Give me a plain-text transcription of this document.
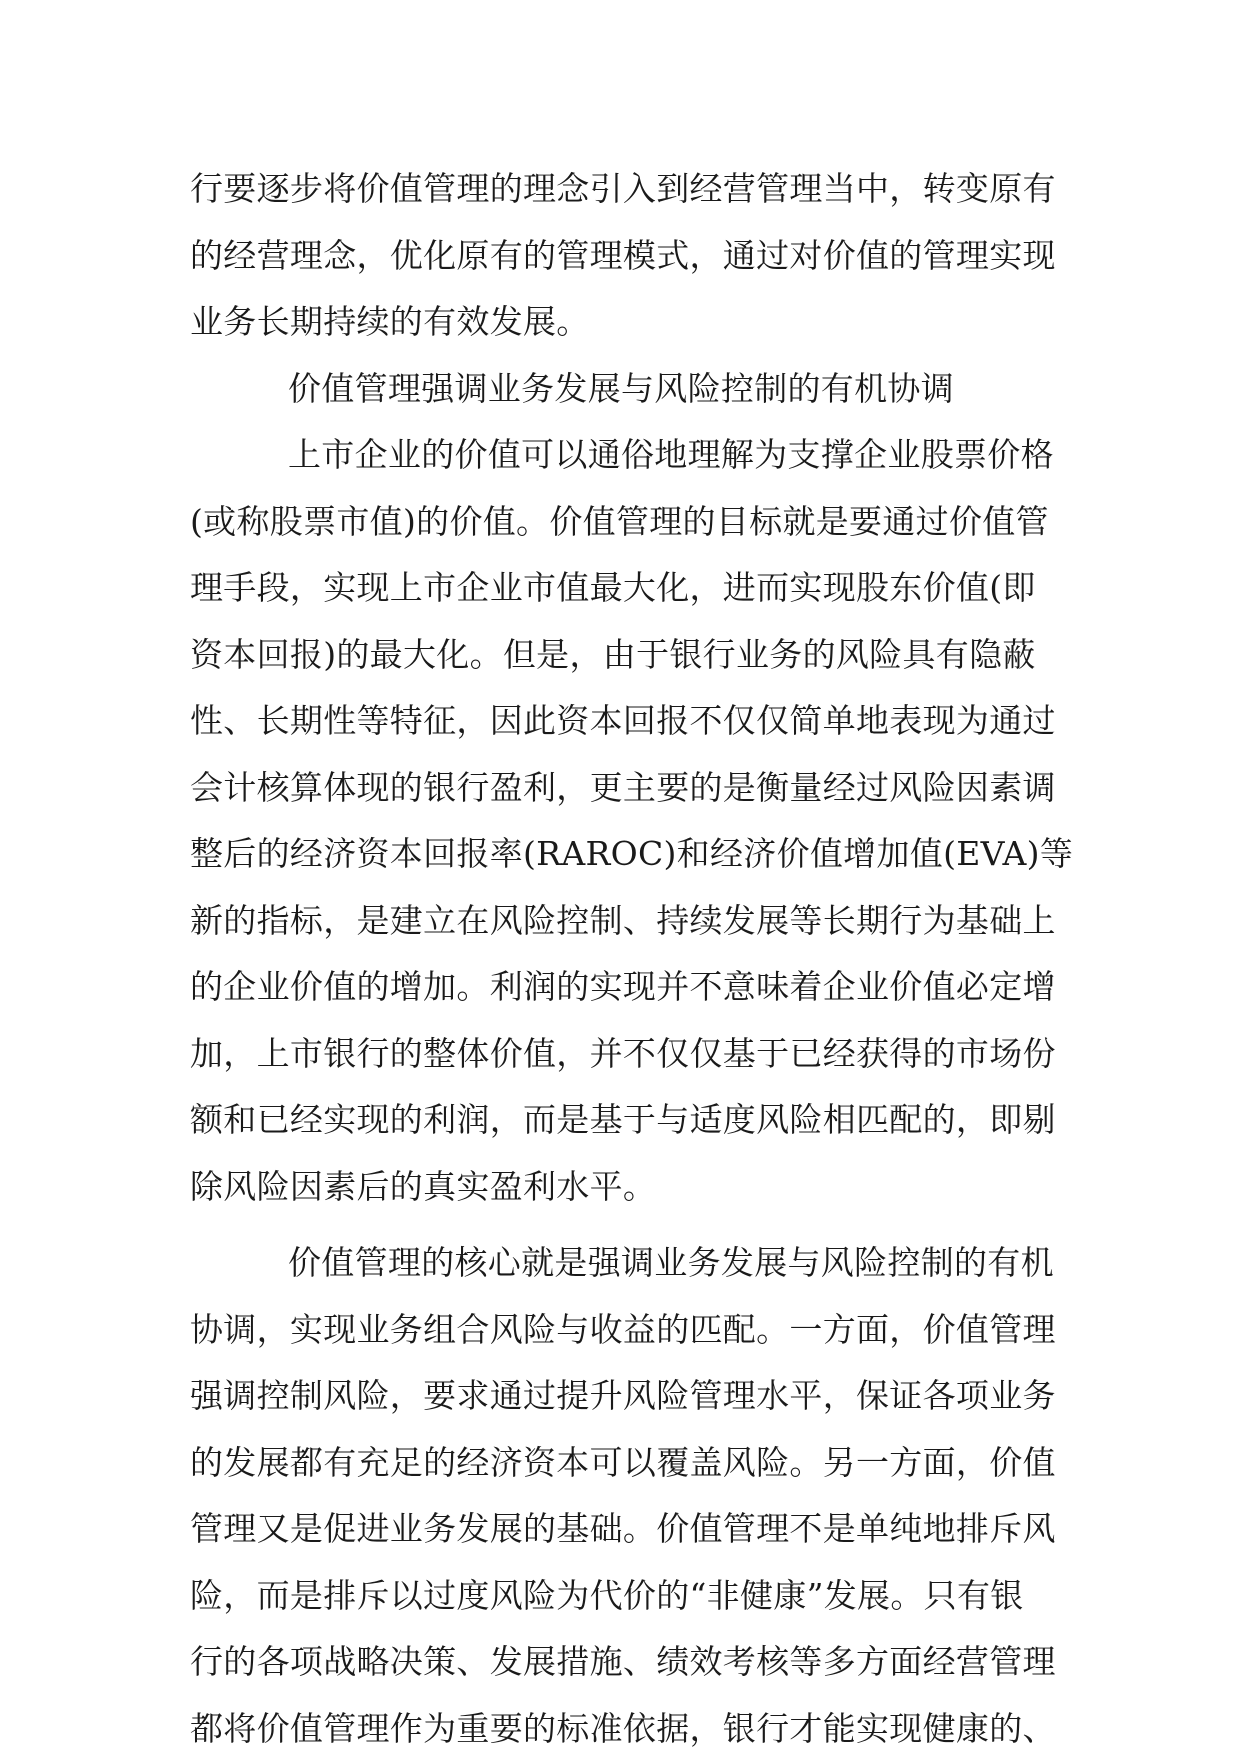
行要逐步将价值管理的理念引入到经营管理当中，转变原有
的经营理念，优化原有的管理模式，通过对价值的管理实现
业务长期持续的有效发展。
价值管理强调业务发展与风险控制的有机协调
上市企业的价值可以通俗地理解为支撑企业股票价格
(或称股票市值)的价值。价值管理的目标就是要通过价值管
理手段，实现上市企业市值最大化，进而实现股东价值(即
资本回报)的最大化。但是，由于银行业务的风险具有隐蔽
性、长期性等特征，因此资本回报不仅仅简单地表现为通过
会计核算体现的银行盈利，更主要的是衡量经过风险因素调
整后的经济资本回报率(RAROC)和经济价值增加值(EVA)等
新的指标，是建立在风险控制、持续发展等长期行为基础上
的企业价值的增加。利润的实现并不意味着企业价值必定增
加，上市银行的整体价值，并不仅仅基于已经获得的市场份
额和已经实现的利润，而是基于与适度风险相匹配的，即剔
除风险因素后的真实盈利水平。
价值管理的核心就是强调业务发展与风险控制的有机
协调，实现业务组合风险与收益的匹配。一方面，价值管理
强调控制风险，要求通过提升风险管理水平，保证各项业务
的发展都有充足的经济资本可以覆盖风险。另一方面，价值
管理又是促进业务发展的基础。价值管理不是单纯地排斥风
险，而是排斥以过度风险为代价的“非健康”发展。只有银
行的各项战略决策、发展措施、绩效考核等多方面经营管理
都将价值管理作为重要的标准依据，银行才能实现健康的、
